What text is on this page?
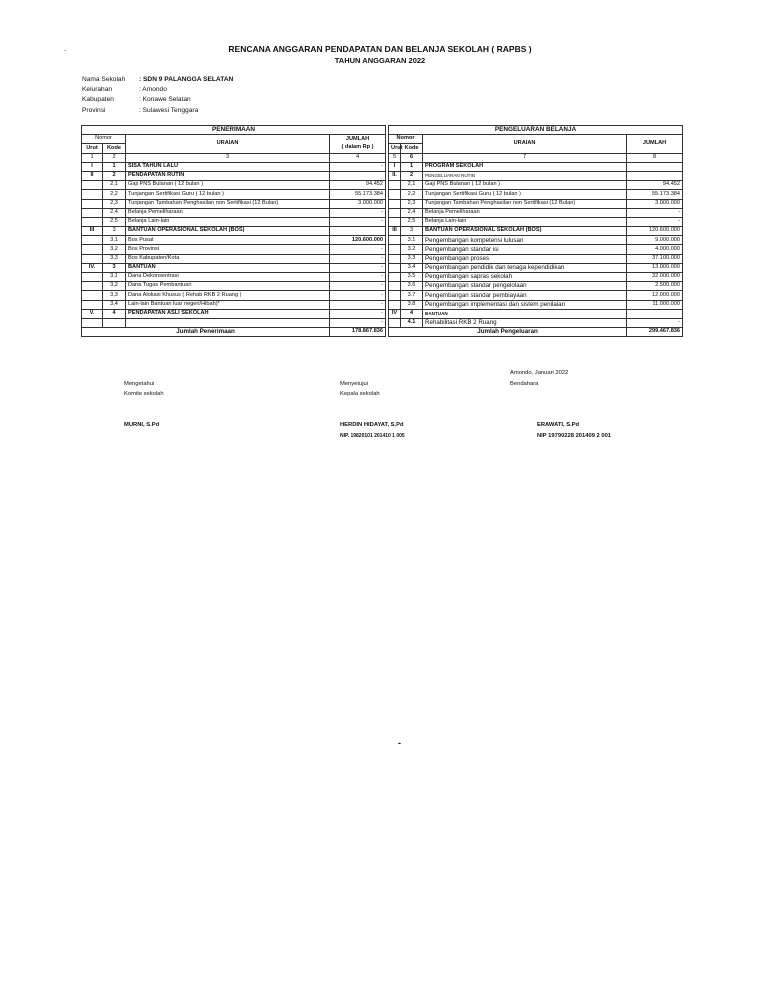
.	RENCANA ANGGARAN PENDAPATAN DAN BELANJA SEKOLAH ( RAPBS )
TAHUN ANGGARAN 2022
Nama Sekolah	: SDN 9 PALANGGA SELATAN
Kelurahan	: Amondo
Kabupaten	: Konawe Selatan
Provinsi	: Sulawesi Tenggara
PENERIMAAN					PENGELUARAN BELANJA			
Nomor		URAIAN	JUMLAH
( dalam Rp )		Nomor		URAIAN	JUMLAH
Urut	Kode				Urut	Kode		
1	2	3	4		5	6	7	8
I	1	SISA TAHUN LALU	-		I	1	PROGRAM SEKOLAH	
II	2	PENDAPATAN RUTIN			II.	2	PENGELUARAN RUTIN	
	2,1	Gaji PNS Bulanan ( 12 bulan )	94.452			2,1	Gaji PNS Bulanan ( 12 bulan )	94.452
	2,2	Tunjangan Sertifikasi Guru ( 12 bulan )	55.173.384			2,2	Tunjangan Sertifikasi Guru ( 12 bulan )	55.173.384
	2,3	Tunjangan Tambahan Penghasilan non Sertifikasi (12 Bulan)	3.000.000			2,3	Tunjangan Tambahan Penghasilan non Sertifikasi (12 Bulan)	3.000.000
	2,4	Belanja Pemeliharaan	-			2,4	Belanja Pemeliharaan	-
	2,5	Belanja Lain-lain	-			2,5	Belanja Lain-lain	-
III	3	BANTUAN OPERASIONAL SEKOLAH (BOS)			III	3	BANTUAN OPERASIONAL SEKOLAH (BOS)	120.600.000
	3,1	Bos Pusat	120.600.000			3.1	Pengembangan kompetensi lulusan	9.000.000
	3,2	Bos Provinsi	-			3.2	Pengembangan standar isi	4.000.000
	3,3	Bos Kabupaten/Kota	-			3.3	Pengembangan proses	37.100.000
IV.	3	BANTUAN	-			3.4	Pengembangan pendidik dan tenaga kependidikan	13.000.000
	3,1	Dana Dekonsentrasi	-			3.5	Pengembangan sapras sekolah	32.000.000
	3,2	Dana Tugas Pembantuan	-			3.6	Pengembangan standar pengelolaan	2.500.000
	3,3	Dana Alokasi Khusus ( Rehab RKB 2 Ruang )	-			3.7	Pengembangan standar pembiayaan	12.000.000
	3,4	Lain-lain Bantuan luar negeri/Hibah)*	-			3.8	Pengembangan implementasi dan sistem penilaian	11.000.000
V.	4	PENDAPATAN ASLI SEKOLAH	-		IV	4	BANTUAN	
			-			4.1	Rehabilitasi RKB 2 Ruang	-
Jumlah Penerimaan			178.867.836		Jumlah Pengeluaran			299.467.836
Amondo, Januari 2022
Mengetahui
Komite sekolah
MURNI, S.Pd
Menyetujui
Kepala sekolah
HERDIN HIDAYAT, S.Pd
NIP. 19820101 201410 1 005
Bendahara
ERAWATI, S.Pd
NIP 19790228 201409 2 001
-
